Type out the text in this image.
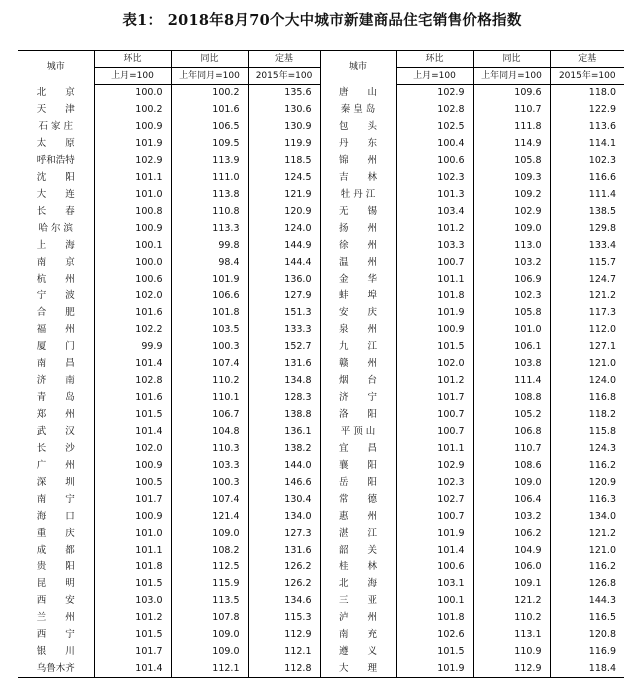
表1： 2018年8月70个大中城市新建商品住宅销售价格指数
城市	环比	同比	定基	城市	环比	同比	定基
	上月=100	上年同月=100	2015年=100		上月=100	上年同月=100	2015年=100
北　　京	100.0	100.2	135.6	唐　　山	102.9	109.6	118.0
天　　津	100.2	101.6	130.6	秦 皇 岛	102.8	110.7	122.9
石 家 庄	100.9	106.5	130.9	包　　头	102.5	111.8	113.6
太　　原	101.9	109.5	119.9	丹　　东	100.4	114.9	114.1
呼和浩特	102.9	113.9	118.5	锦　　州	100.6	105.8	102.3
沈　　阳	101.1	111.0	124.5	吉　　林	102.3	109.3	116.6
大　　连	101.0	113.8	121.9	牡 丹 江	101.3	109.2	111.4
长　　春	100.8	110.8	120.9	无　　锡	103.4	102.9	138.5
哈 尔 滨	100.9	113.3	124.0	扬　　州	101.2	109.0	129.8
上　　海	100.1	99.8	144.9	徐　　州	103.3	113.0	133.4
南　　京	100.0	98.4	144.4	温　　州	100.7	103.2	115.7
杭　　州	100.6	101.9	136.0	金　　华	101.1	106.9	124.7
宁　　波	102.0	106.6	127.9	蚌　　埠	101.8	102.3	121.2
合　　肥	101.6	101.8	151.3	安　　庆	101.9	105.8	117.3
福　　州	102.2	103.5	133.3	泉　　州	100.9	101.0	112.0
厦　　门	99.9	100.3	152.7	九　　江	101.5	106.1	127.1
南　　昌	101.4	107.4	131.6	赣　　州	102.0	103.8	121.0
济　　南	102.8	110.2	134.8	烟　　台	101.2	111.4	124.0
青　　岛	101.6	110.1	128.3	济　　宁	101.7	108.8	116.8
郑　　州	101.5	106.7	138.8	洛　　阳	100.7	105.2	118.2
武　　汉	101.4	104.8	136.1	平 顶 山	100.7	106.8	115.8
长　　沙	102.0	110.3	138.2	宜　　昌	101.1	110.7	124.3
广　　州	100.9	103.3	144.0	襄　　阳	102.9	108.6	116.2
深　　圳	100.5	100.3	146.6	岳　　阳	102.3	109.0	120.9
南　　宁	101.7	107.4	130.4	常　　德	102.7	106.4	116.3
海　　口	100.9	121.4	134.0	惠　　州	100.7	103.2	134.0
重　　庆	101.0	109.0	127.3	湛　　江	101.9	106.2	121.2
成　　都	101.1	108.2	131.6	韶　　关	101.4	104.9	121.0
贵　　阳	101.8	112.5	126.2	桂　　林	100.6	106.0	116.2
昆　　明	101.5	115.9	126.2	北　　海	103.1	109.1	126.8
西　　安	103.0	113.5	134.6	三　　亚	100.1	121.2	144.3
兰　　州	101.2	107.8	115.3	泸　　州	101.8	110.2	116.5
西　　宁	101.5	109.0	112.9	南　　充	102.6	113.1	120.8
银　　川	101.7	109.0	112.1	遵　　义	101.5	110.9	116.9
乌鲁木齐	101.4	112.1	112.8	大　　理	101.9	112.9	118.4
